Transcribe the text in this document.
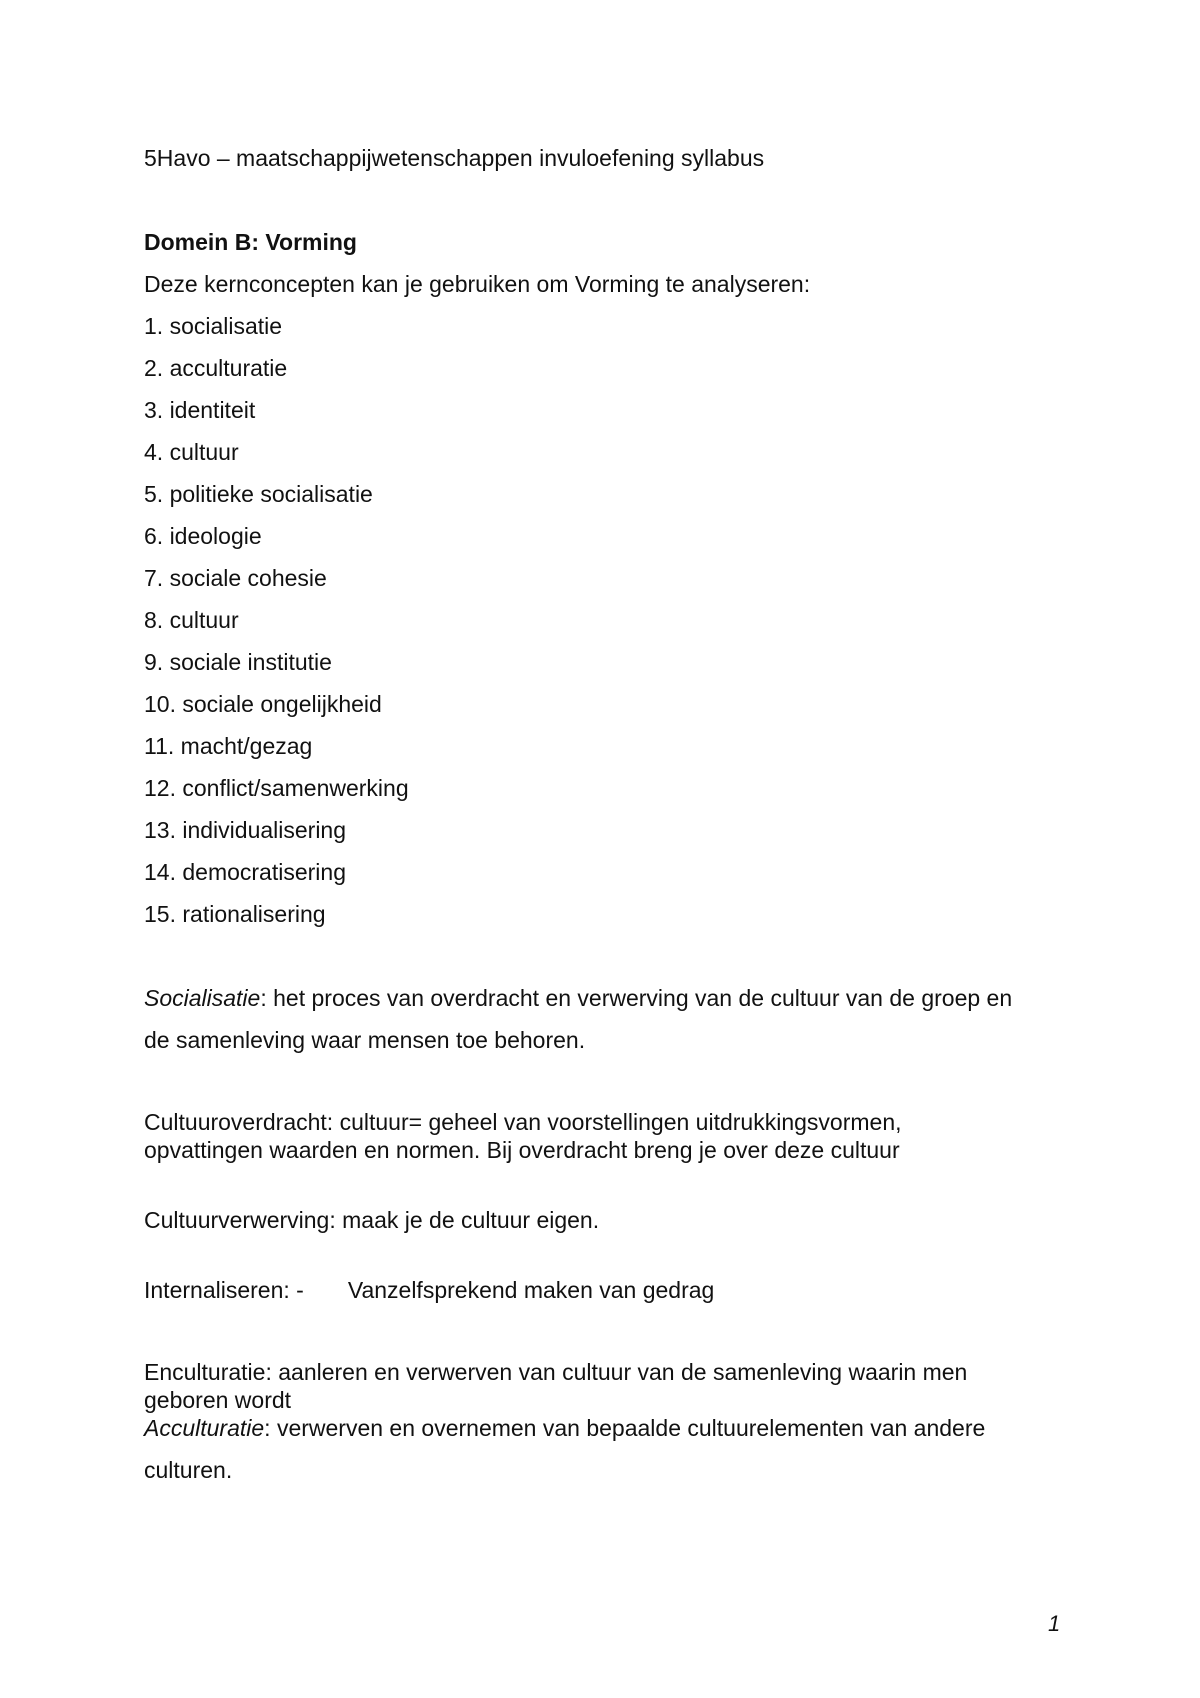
5Havo – maatschappijwetenschappen invuloefening syllabus
Domein B: Vorming
Deze kernconcepten kan je gebruiken om Vorming te analyseren:
1. socialisatie
2. acculturatie
3. identiteit
4. cultuur
5. politieke socialisatie
6. ideologie
7. sociale cohesie
8. cultuur
9. sociale institutie
10. sociale ongelijkheid
11. macht/gezag
12. conflict/samenwerking
13. individualisering
14. democratisering
15. rationalisering
Socialisatie: het proces van overdracht en verwerving van de cultuur van de groep en
de samenleving waar mensen toe behoren.
Cultuuroverdracht: cultuur= geheel van voorstellingen uitdrukkingsvormen,
opvattingen waarden en normen. Bij overdracht breng je over deze cultuur
Cultuurverwerving: maak je de cultuur eigen.
Internaliseren: - Vanzelfsprekend maken van gedrag
Enculturatie: aanleren en verwerven van cultuur van de samenleving waarin men
geboren wordt
Acculturatie: verwerven en overnemen van bepaalde cultuurelementen van andere
culturen.
1
